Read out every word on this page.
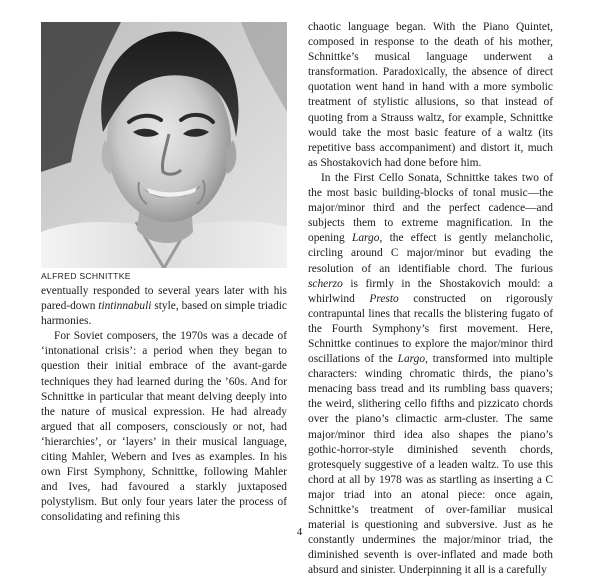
ALFRED SCHNITTKE

eventually responded to several years later with his pared-down tintinnabuli style, based on simple triadic harmonies.

For Soviet composers, the 1970s was a decade of ‘intonational crisis’: a period when they began to question their initial embrace of the avant-garde techniques they had learned during the ’60s. And for Schnittke in particular that meant delving deeply into the nature of musical expression. He had already argued that all composers, consciously or not, had ‘hierarchies’, or ‘layers’ in their musical language, citing Mahler, Webern and Ives as examples. In his own First Symphony, Schnittke, following Mahler and Ives, had favoured a starkly juxtaposed polystylism. But only four years later the process of consolidating and refining this

chaotic language began. With the Piano Quintet, composed in response to the death of his mother, Schnittke’s musical language underwent a transformation. Paradoxically, the absence of direct quotation went hand in hand with a more symbolic treatment of stylistic allusions, so that instead of quoting from a Strauss waltz, for example, Schnittke would take the most basic feature of a waltz (its repetitive bass accompaniment) and distort it, much as Shostakovich had done before him.

In the First Cello Sonata, Schnittke takes two of the most basic building-blocks of tonal music—the major/minor third and the perfect cadence—and subjects them to extreme magnification. In the opening Largo, the effect is gently melancholic, circling around C major/minor but evading the resolution of an identifiable chord. The furious scherzo is firmly in the Shostakovich mould: a whirlwind Presto constructed on rigorously contrapuntal lines that recalls the blistering fugato of the Fourth Symphony’s first movement. Here, Schnittke continues to explore the major/minor third oscillations of the Largo, transformed into multiple characters: winding chromatic thirds, the piano’s menacing bass tread and its rumbling bass quavers; the weird, slithering cello fifths and pizzicato chords over the piano’s climactic arm-cluster. The same major/minor third idea also shapes the piano’s gothic-horror-style diminished seventh chords, grotesquely suggestive of a leaden waltz. To use this chord at all by 1978 was as startling as inserting a C major triad into an atonal piece: once again, Schnittke’s treatment of over-familiar musical material is questioning and subversive. Just as he constantly undermines the major/minor triad, the diminished seventh is over-inflated and made both absurd and sinister. Underpinning it all is a carefully

4
